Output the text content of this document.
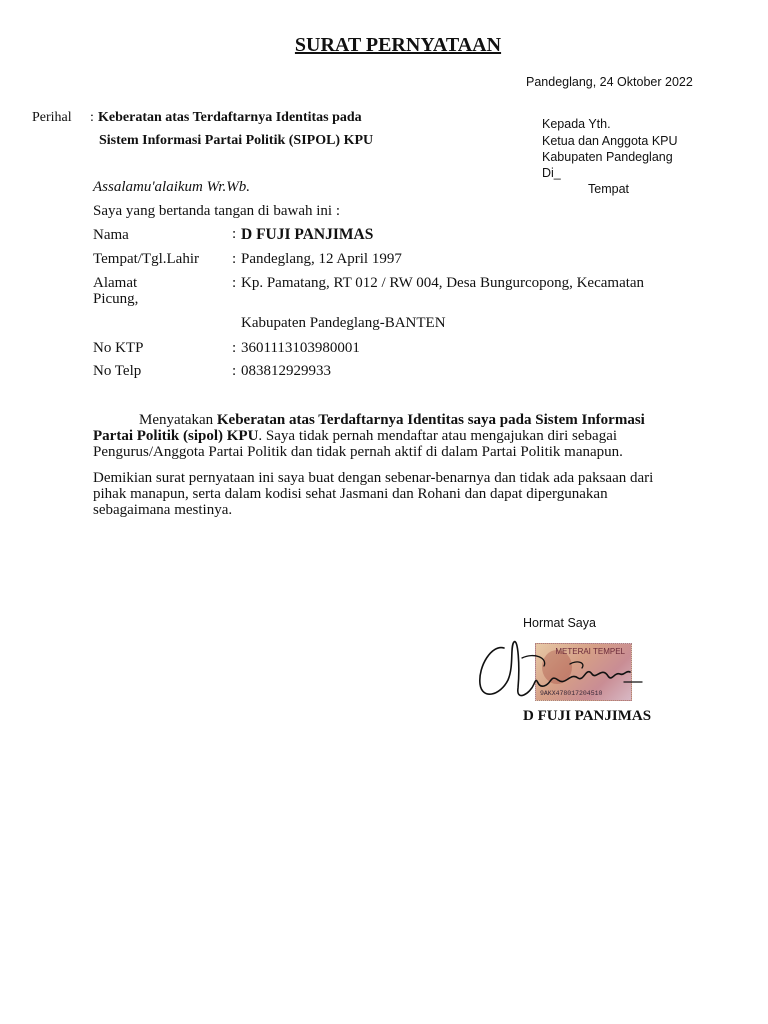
SURAT PERNYATAAN
Pandeglang, 24 Oktober 2022
Perihal : Keberatan atas Terdaftarnya Identitas pada
Sistem Informasi Partai Politik (SIPOL) KPU
Kepada Yth.
Ketua dan Anggota KPU
Kabupaten Pandeglang
Di_
Tempat
Assalamu'alaikum Wr.Wb.
Saya yang bertanda tangan di bawah ini :
Nama	: D FUJI PANJIMAS
Tempat/Tgl.Lahir : Pandeglang, 12 April 1997
Alamat	: Kp. Pamatang, RT 012 / RW 004, Desa Bungurcopong, Kecamatan
Picung,
Kabupaten Pandeglang-BANTEN
No KTP	: 3601113103980001
No Telp	: 083812929933
Menyatakan Keberatan atas Terdaftarnya Identitas saya pada Sistem Informasi Partai Politik (sipol) KPU. Saya tidak pernah mendaftar atau mengajukan diri sebagai Pengurus/Anggota Partai Politik dan tidak pernah aktif di dalam Partai Politik manapun.
Demikian surat pernyataan ini saya buat dengan sebenar-benarnya dan tidak ada paksaan dari pihak manapun, serta dalam kodisi sehat Jasmani dan Rohani dan dapat dipergunakan sebagaimana mestinya.
Hormat Saya
METERAI TEMPEL
9AKX478017204510
D FUJI PANJIMAS
